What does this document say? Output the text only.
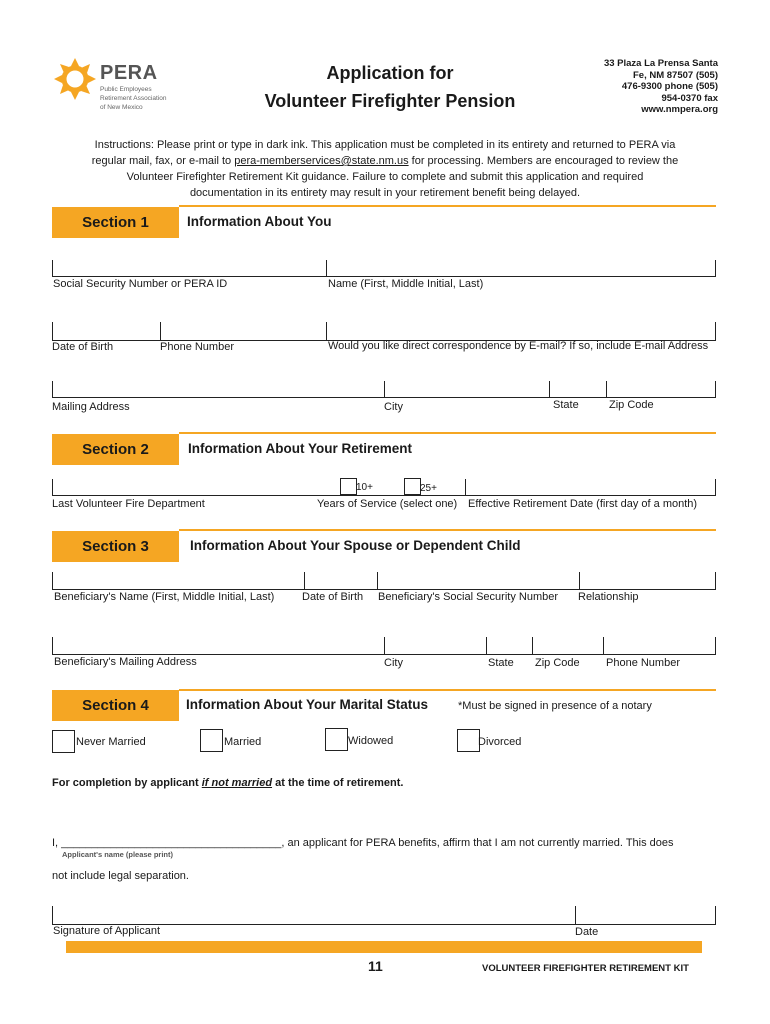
PERA
Public Employees
Retirement Association
of New Mexico
Application for
Volunteer Firefighter Pension
33 Plaza La Prensa Santa
Fe, NM 87507 (505)
476-9300 phone (505)
954-0370 fax
www.nmpera.org
Instructions: Please print or type in dark ink. This application must be completed in its entirety and returned to PERA via
regular mail, fax, or e-mail to pera-memberservices@state.nm.us for processing. Members are encouraged to review the
Volunteer Firefighter Retirement Kit guidance. Failure to complete and submit this application and required
documentation in its entirety may result in your retirement benefit being delayed.
Section 1	Information About You
Social Security Number or PERA ID	Name (First, Middle Initial, Last)
Date of Birth	Phone Number	Would you like direct correspondence by E-mail? If so, include E-mail Address
Mailing Address	City	State	Zip Code
Section 2	Information About Your Retirement
10+	25+
Last Volunteer Fire Department	Years of Service (select one) Effective Retirement Date (first day of a month)
Section 3	Information About Your Spouse or Dependent Child
Beneficiary's Name (First, Middle Initial, Last)	Date of Birth Beneficiary's Social Security Number Relationship
Beneficiary's Mailing Address	City	State Zip Code Phone Number
Section 4	Information About Your Marital Status	*Must be signed in presence of a notary
Never Married	Married	Widowed	Divorced
For completion by applicant if not married at the time of retirement.
I, ____________________________________, an applicant for PERA benefits, affirm that I am not currently married. This does
Applicant's name (please print)
not include legal separation.
Signature of Applicant	Date
11	VOLUNTEER FIREFIGHTER RETIREMENT KIT
